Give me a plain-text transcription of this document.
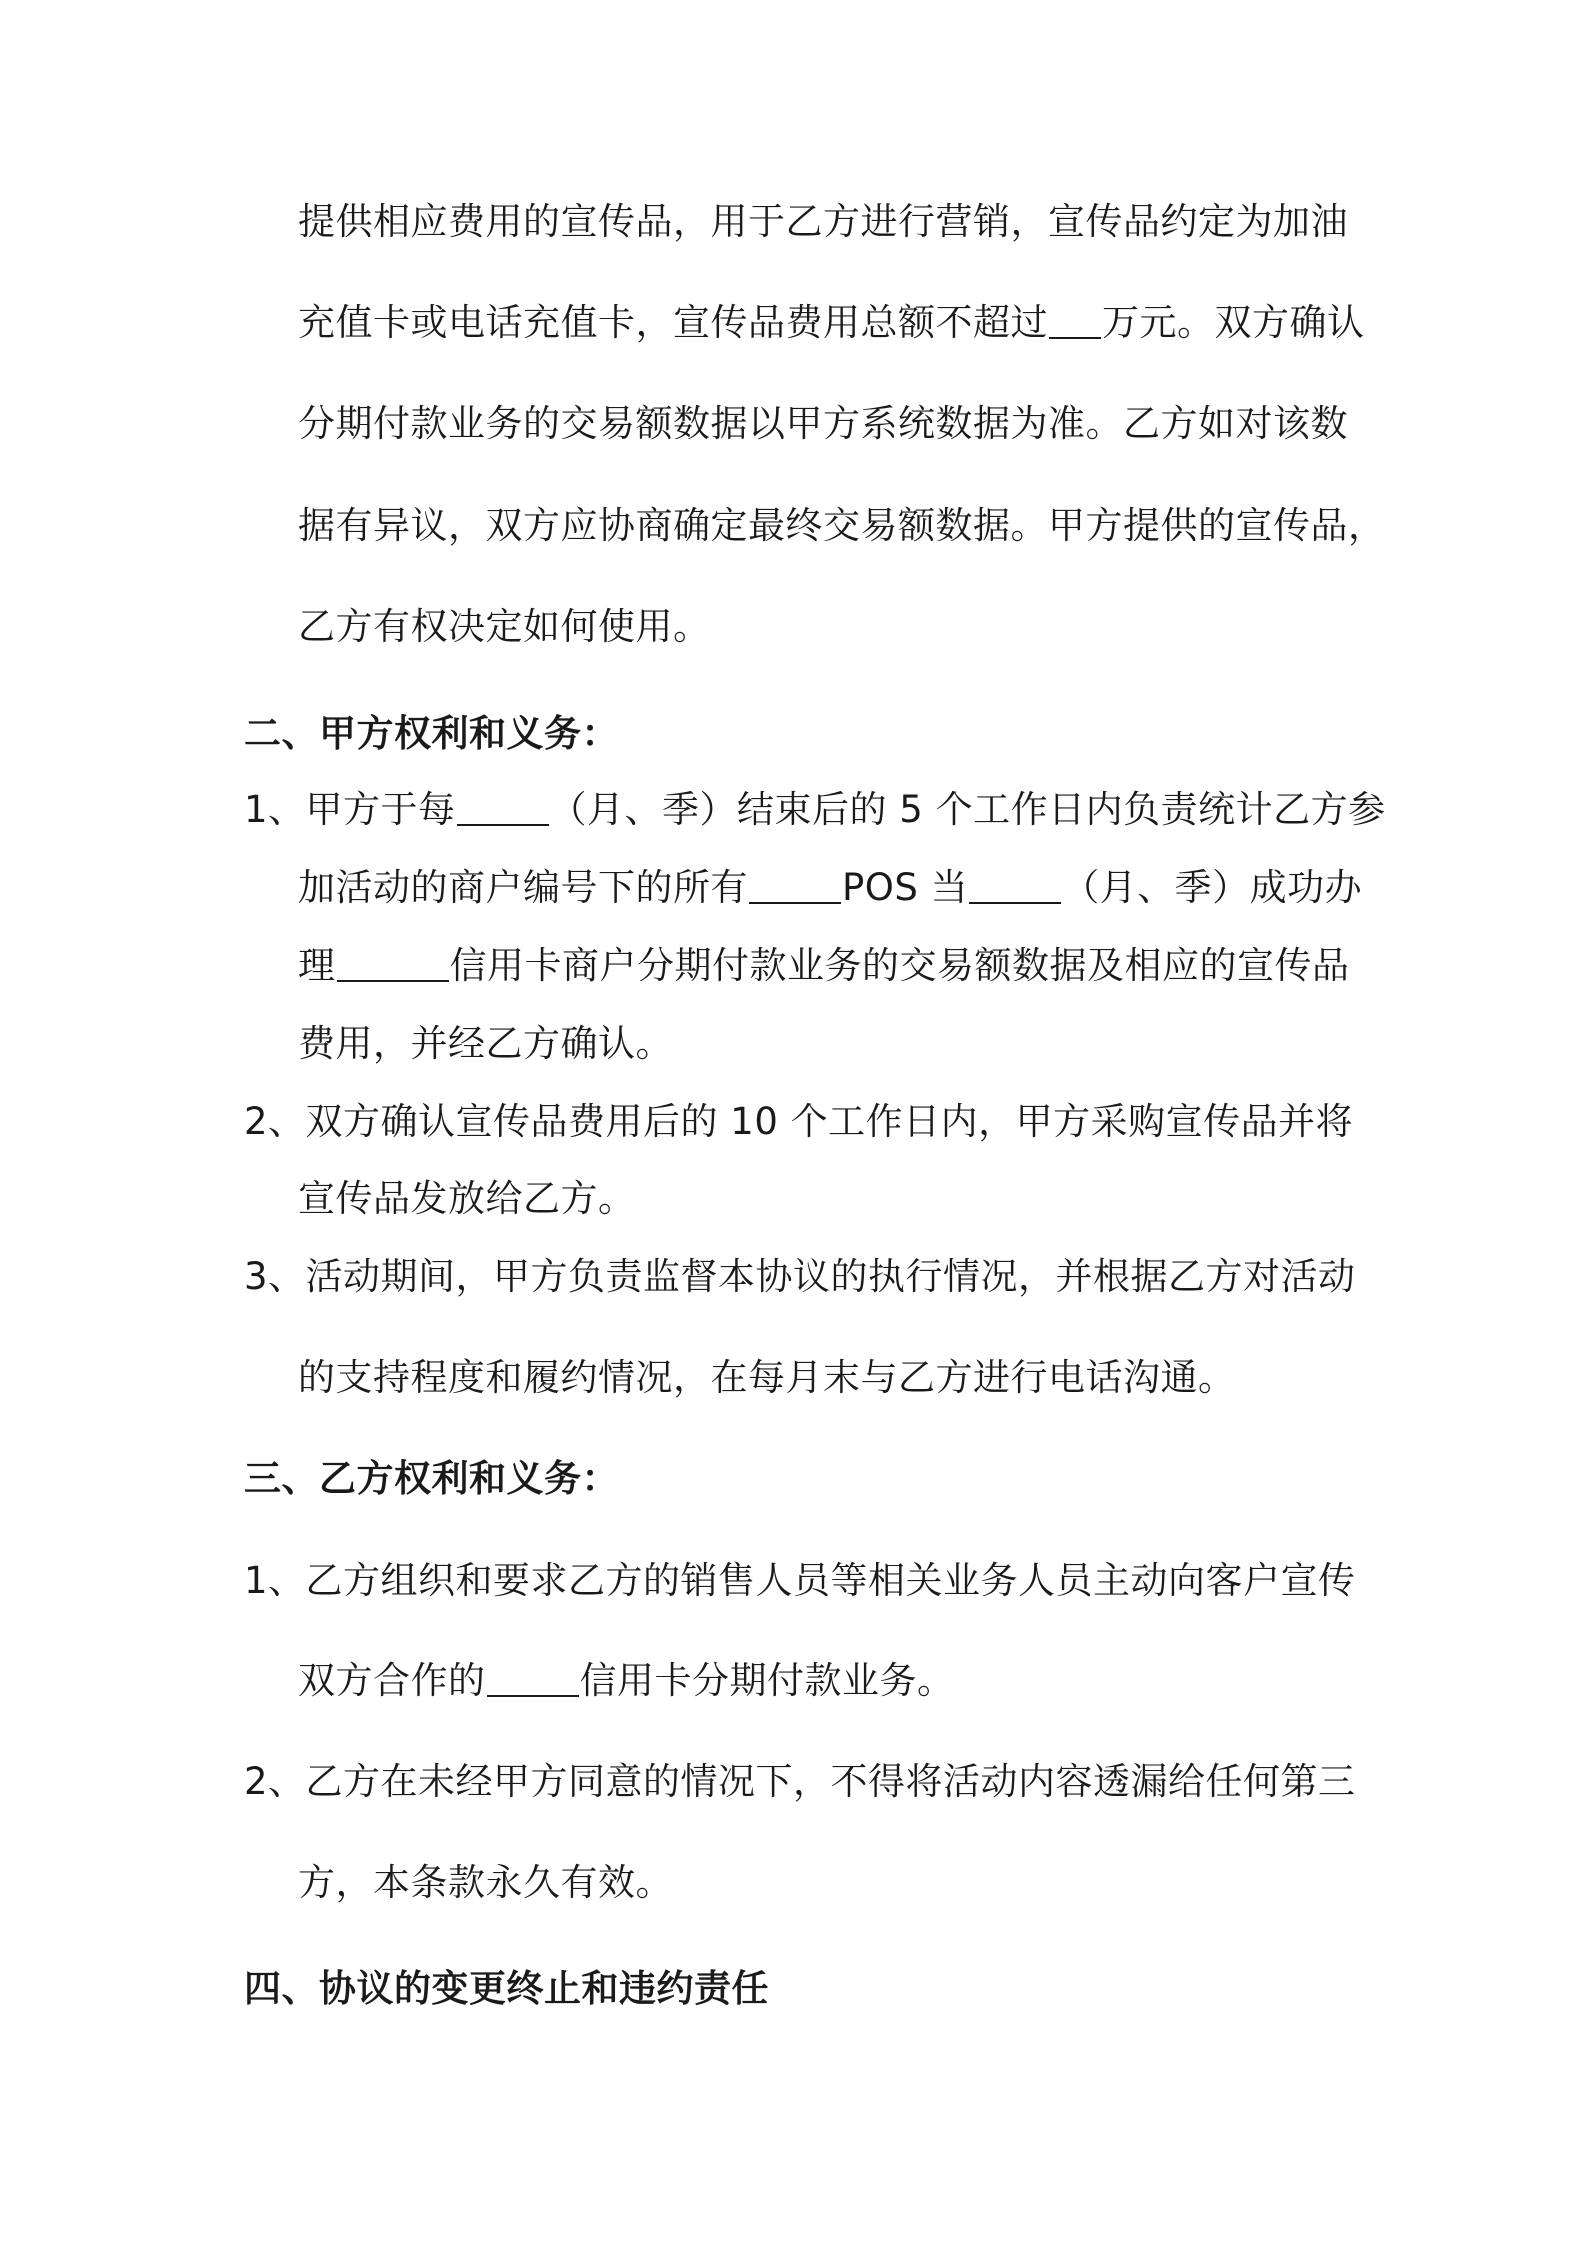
提供相应费用的宣传品，用于乙方进行营销，宣传品约定为加油
充值卡或电话充值卡，宣传品费用总额不超过 万元。双方确认
分期付款业务的交易额数据以甲方系统数据为准。乙方如对该数
据有异议，双方应协商确定最终交易额数据。甲方提供的宣传品，
乙方有权决定如何使用。
二、甲方权利和义务：
1、甲方于每	（月、季）结束后的 5 个工作日内负责统计乙方参
加活动的商户编号下的所有	POS 当	（月、季）成功办
理	信用卡商户分期付款业务的交易额数据及相应的宣传品
费用，并经乙方确认。
2、双方确认宣传品费用后的 10 个工作日内，甲方采购宣传品并将
宣传品发放给乙方。
3、活动期间，甲方负责监督本协议的执行情况，并根据乙方对活动
的支持程度和履约情况，在每月末与乙方进行电话沟通。
三、乙方权利和义务：
1、乙方组织和要求乙方的销售人员等相关业务人员主动向客户宣传
双方合作的	信用卡分期付款业务。
2、乙方在未经甲方同意的情况下，不得将活动内容透漏给任何第三
方，本条款永久有效。
四、协议的变更终止和违约责任
